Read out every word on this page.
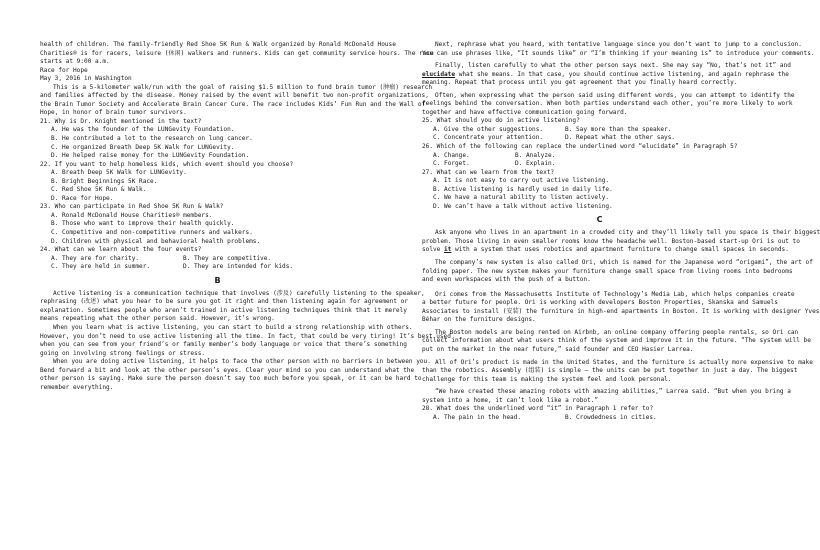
health of children. The family-friendly Red Shoe 5K Run & Walk organized by Ronald McDonald House

Charities® is for racers, leisure (休闲) walkers and runners. Kids can get community service hours. The race

starts at 9:00 a.m.

Race for Hope

May 3, 2016 in Washington

This is a 5-kilometer walk/run with the goal of raising $1.5 million to fund brain tumor (肿瘤) research

and families affected by the disease. Money raised by the event will benefit two non-profit organizations,

the Brain Tumor Society and Accelerate Brain Cancer Cure. The race includes Kids’ Fun Run and the Wall of

Hope, in honor of brain tumor survivors.

21. Why is Dr. Knight mentioned in the text?

A. He was the founder of the LUNGevity Foundation.

B. He contributed a lot to the research on lung cancer.

C. He organized Breath Deep 5K Walk for LUNGevity.

D. He helped raise money for the LUNGevity Foundation.

22. If you want to help homeless kids, which event should you choose?

A. Breath Deep 5K Walk for LUNGevity.

B. Bright Beginnings 5K Race.

C. Red Shoe 5K Run & Walk.

D. Race for Hope.

23. Who can participate in Red Shoe 5K Run & Walk?

A. Ronald McDonald House Charities® members.

B. Those who want to improve their health quickly.

C. Competitive and non-competitive runners and walkers.

D. Children with physical and behavioral health problems.

24. What can we learn about the four events?

A. They are for charity.	B. They are competitive.
C. They are held in summer.	D. They are intended for kids.
B

Active listening is a communication technique that involves (涉及) carefully listening to the speaker,

rephrasing (改述) what you hear to be sure you got it right and then listening again for agreement or

explanation. Sometimes people who aren’t trained in active listening techniques think that it merely

means repeating what the other person said. However, it’s wrong.

When you learn what is active listening, you can start to build a strong relationship with others.

However, you don’t need to use active listening all the time. In fact, that could be very tiring! It’s best used

when you can see from your friend’s or family member’s body language or voice that there’s something

going on involving strong feelings or stress.

When you are doing active listening, it helps to face the other person with no barriers in between you.

Bend forward a bit and look at the other person’s eyes. Clear your mind so you can understand what the

other person is saying. Make sure the person doesn’t say too much before you speak, or it can be hard to

remember everything.

Next, rephrase what you heard, with tentative language since you don’t want to jump to a conclusion.

You can use phrases like, “It sounds like” or “I’m thinking if your meaning is” to introduce your comments.

Finally, listen carefully to what the other person says next. She may say “No, that’s not it” and

elucidate what she means. In that case, you should continue active listening, and again rephrase the

meaning. Repeat that process until you get agreement that you finally heard correctly.

Often, when expressing what the person said using different words, you can attempt to identify the

feelings behind the conversation. When both parties understand each other, you’re more likely to work

together and have effective communication going forward.

25. What should you do in active listening?

A. Give the other suggestions.	B. Say more than the speaker.
C. Concentrate your attention.	D. Repeat what the other says.

26. Which of the following can replace the underlined word “elucidate” in Paragraph 5?

A. Change.	B. Analyze.
C. Forget.	D. Explain.

27. What can we learn from the text?

A. It is not easy to carry out active listening.

B. Active listening is hardly used in daily life.

C. We have a natural ability to listen actively.

D. We can’t have a talk without active listening.

C

Ask anyone who lives in an apartment in a crowded city and they’ll likely tell you space is their biggest

problem. Those living in even smaller rooms know the headache well. Boston-based start-up Ori is out to

solve it with a system that uses robotics and apartment furniture to change small spaces in seconds.

The company’s new system is also called Ori, which is named for the Japanese word “origami”, the art of

folding paper. The new system makes your furniture change small space from living rooms into bedrooms

and even workspaces with the push of a button.

Ori comes from the Massachusetts Institute of Technology’s Media Lab, which helps companies create

a better future for people. Ori is working with developers Boston Properties, Skanska and Samuels

Associates to install (安装) the furniture in high-end apartments in Boston. It is working with designer Yves

Béhar on the furniture designs.

The Boston models are being rented on Airbnb, an online company offering people rentals, so Ori can

collect information about what users think of the system and improve it in the future. “The system will be

put on the market in the near future,” said founder and CEO Hasier Larrea.

All of Ori’s product is made in the United States, and the furniture is actually more expensive to make

than the robotics. Assembly (组装) is simple — the units can be put together in just a day. The biggest

challenge for this team is making the system feel and look personal.

“We have created these amazing robots with amazing abilities,” Larrea said. “But when you bring a

system into a home, it can’t look like a robot.”

28. What does the underlined word “it” in Paragraph 1 refer to?

A. The pain in the head.	B. Crowdedness in cities.
